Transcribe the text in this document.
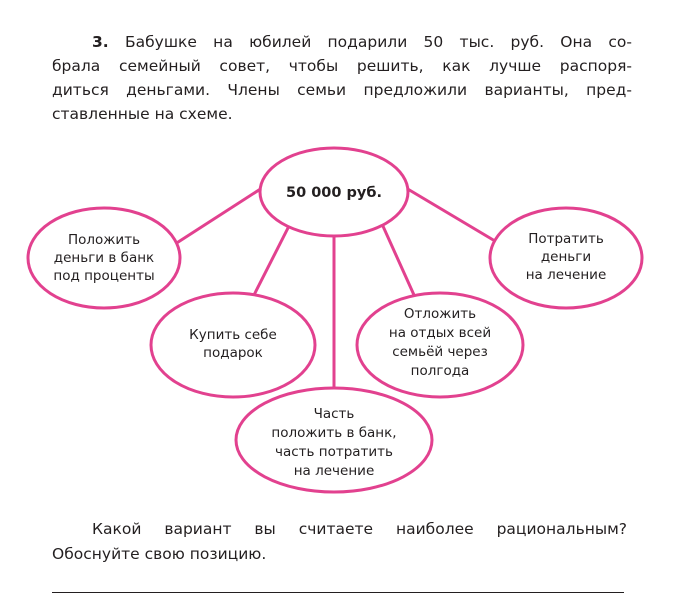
3. Бабушке на юбилей подарили 50 тыс. руб. Она со-
брала семейный совет, чтобы решить, как лучше распоря-
диться деньгами. Члены семьи предложили варианты, пред-
ставленные на схеме.
50 000 руб.
Положить
деньги в банк
под проценты
Купить себе
подарок
Часть
положить в банк,
часть потратить
на лечение
Отложить
на отдых всей
семьёй через
полгода
Потратить
деньги
на лечение
Какой вариант вы считаете наиболее рациональным?
Обоснуйте свою позицию.
